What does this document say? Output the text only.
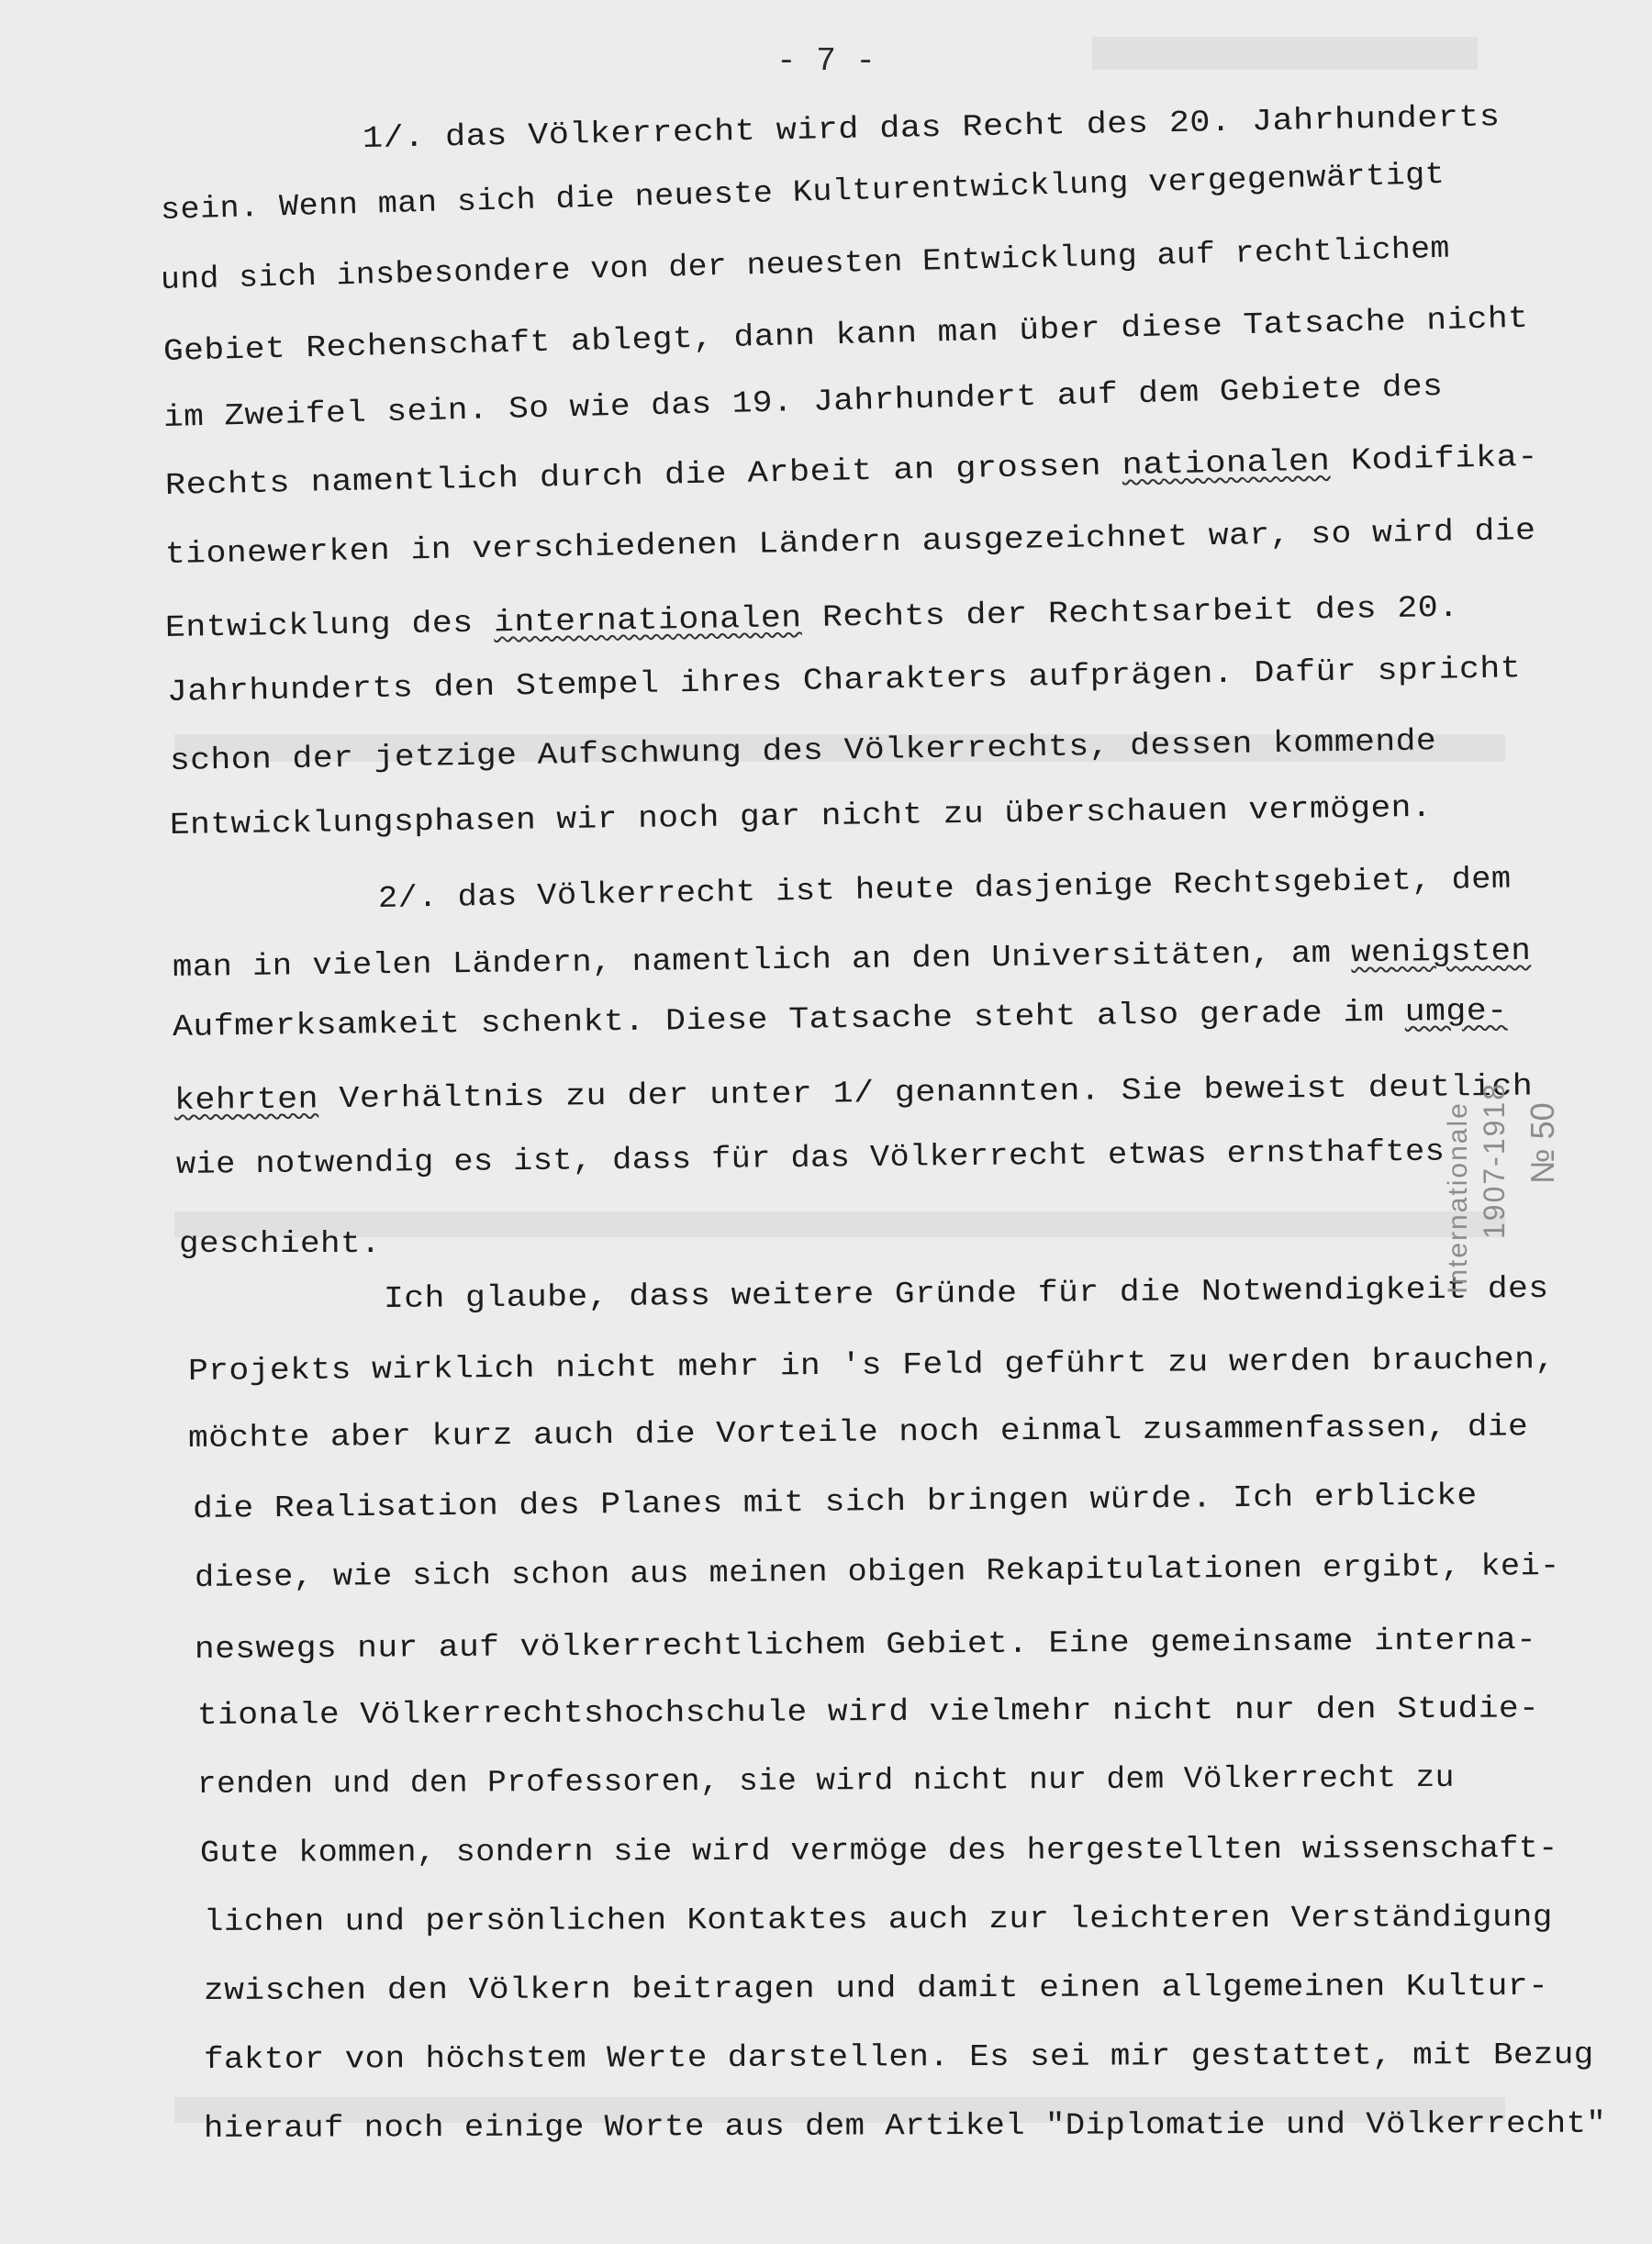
- 7 -
1/. das Völkerrecht wird das Recht des 20. Jahrhunderts
sein. Wenn man sich die neueste Kulturentwicklung vergegenwärtigt
und sich insbesondere von der neuesten Entwicklung auf rechtlichem
Gebiet Rechenschaft ablegt, dann kann man über diese Tatsache nicht
im Zweifel sein. So wie das 19. Jahrhundert auf dem Gebiete des
Rechts namentlich durch die Arbeit an grossen nationalen Kodifika-
tionewerken in verschiedenen Ländern ausgezeichnet war, so wird die
Entwicklung des internationalen Rechts der Rechtsarbeit des 20.
Jahrhunderts den Stempel ihres Charakters aufprägen. Dafür spricht
schon der jetzige Aufschwung des Völkerrechts, dessen kommende
Entwicklungsphasen wir noch gar nicht zu überschauen vermögen.
2/. das Völkerrecht ist heute dasjenige Rechtsgebiet, dem
man in vielen Ländern, namentlich an den Universitäten, am wenigsten
Aufmerksamkeit schenkt. Diese Tatsache steht also gerade im umge-
kehrten Verhältnis zu der unter 1/ genannten. Sie beweist deutlich
wie notwendig es ist, dass für das Völkerrecht etwas ernsthaftes
geschieht.
Ich glaube, dass weitere Gründe für die Notwendigkeit des
Projekts wirklich nicht mehr in 's Feld geführt zu werden brauchen,
möchte aber kurz auch die Vorteile noch einmal zusammenfassen, die
die Realisation des Planes mit sich bringen würde. Ich erblicke
diese, wie sich schon aus meinen obigen Rekapitulationen ergibt, kei-
neswegs nur auf völkerrechtlichem Gebiet. Eine gemeinsame interna-
tionale Völkerrechtshochschule wird vielmehr nicht nur den Studie-
renden und den Professoren, sie wird nicht nur dem Völkerrecht zu
Gute kommen, sondern sie wird vermöge des hergestellten wissenschaft-
lichen und persönlichen Kontaktes auch zur leichteren Verständigung
zwischen den Völkern beitragen und damit einen allgemeinen Kultur-
faktor von höchstem Werte darstellen. Es sei mir gestattet, mit Bezug
hierauf noch einige Worte aus dem Artikel "Diplomatie und Völkerrecht"
Internationale 1907-1918 № 50
